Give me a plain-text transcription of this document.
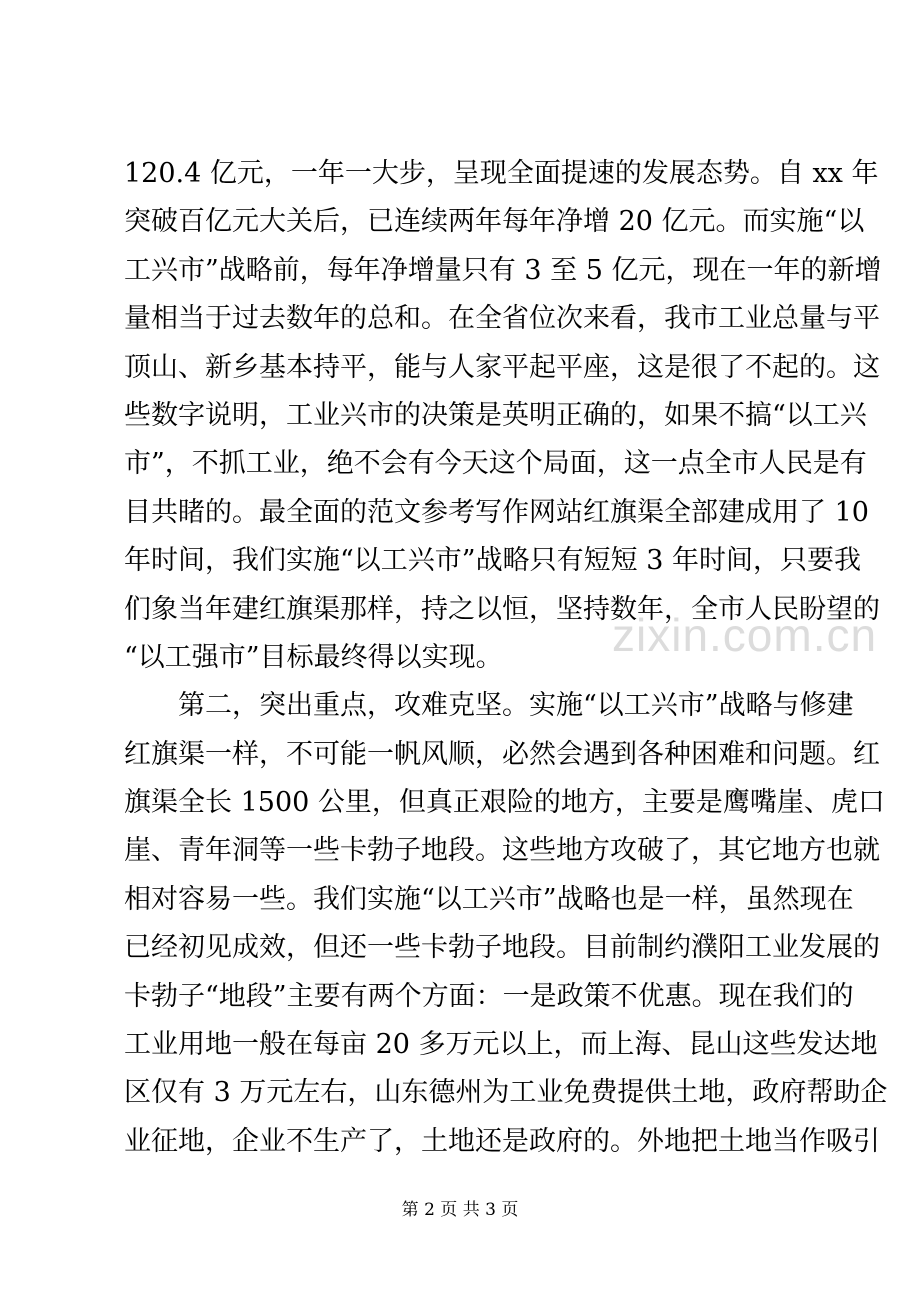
zixin.com.cn
120.4 亿元，一年一大步，呈现全面提速的发展态势。自 xx 年
突破百亿元大关后，已连续两年每年净增 20 亿元。而实施“以
工兴市”战略前，每年净增量只有 3 至 5 亿元，现在一年的新增
量相当于过去数年的总和。在全省位次来看，我市工业总量与平
顶山、新乡基本持平，能与人家平起平座，这是很了不起的。这
些数字说明，工业兴市的决策是英明正确的，如果不搞“以工兴
市”，不抓工业，绝不会有今天这个局面，这一点全市人民是有
目共睹的。最全面的范文参考写作网站红旗渠全部建成用了 10
年时间，我们实施“以工兴市”战略只有短短 3 年时间，只要我
们象当年建红旗渠那样，持之以恒，坚持数年，全市人民盼望的
“以工强市”目标最终得以实现。
第二，突出重点，攻难克坚。实施“以工兴市”战略与修建
红旗渠一样，不可能一帆风顺，必然会遇到各种困难和问题。红
旗渠全长 1500 公里，但真正艰险的地方，主要是鹰嘴崖、虎口
崖、青年洞等一些卡勃子地段。这些地方攻破了，其它地方也就
相对容易一些。我们实施“以工兴市”战略也是一样，虽然现在
已经初见成效，但还一些卡勃子地段。目前制约濮阳工业发展的
卡勃子“地段”主要有两个方面：一是政策不优惠。现在我们的
工业用地一般在每亩 20 多万元以上，而上海、昆山这些发达地
区仅有 3 万元左右，山东德州为工业免费提供土地，政府帮助企
业征地，企业不生产了，土地还是政府的。外地把土地当作吸引
第 2 页 共 3 页
